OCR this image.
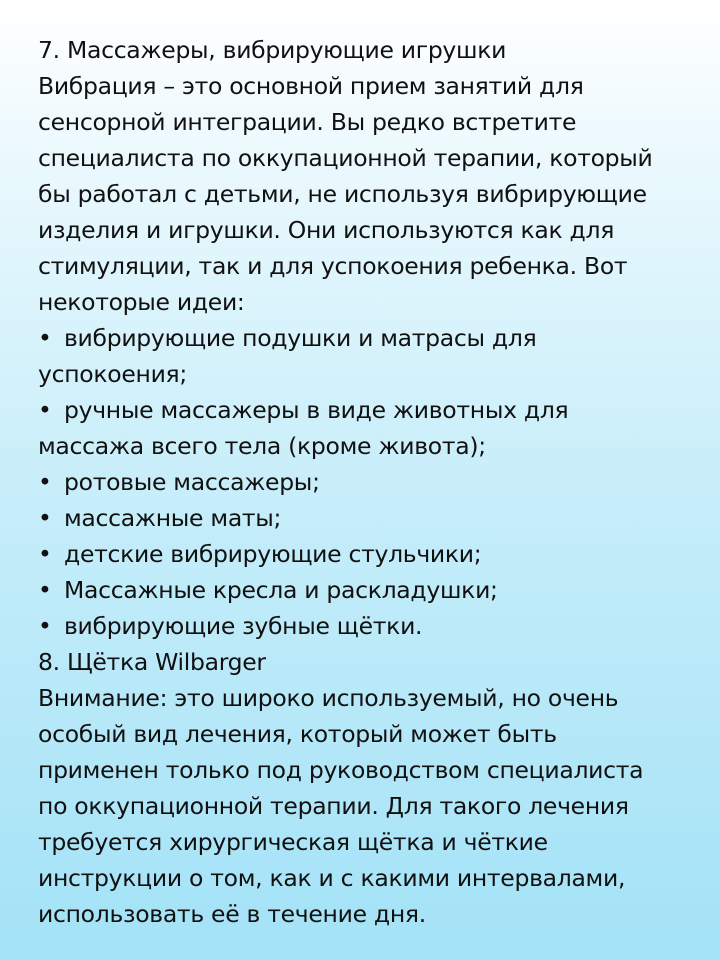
7. Массажеры, вибрирующие игрушки
Вибрация – это основной прием занятий для
сенсорной интеграции. Вы редко встретите
специалиста по оккупационной терапии, который
бы работал с детьми, не используя вибрирующие
изделия и игрушки. Они используются как для
стимуляции, так и для успокоения ребенка. Вот
некоторые идеи:
• вибрирующие подушки и матрасы для
успокоения;
• ручные массажеры в виде животных для
массажа всего тела (кроме живота);
• ротовые массажеры;
• массажные маты;
• детские вибрирующие стульчики;
• Массажные кресла и раскладушки;
• вибрирующие зубные щётки.
8. Щётка Wilbarger
Внимание: это широко используемый, но очень
особый вид лечения, который может быть
применен только под руководством специалиста
по оккупационной терапии. Для такого лечения
требуется хирургическая щётка и чёткие
инструкции о том, как и с какими интервалами,
использовать её в течение дня.
